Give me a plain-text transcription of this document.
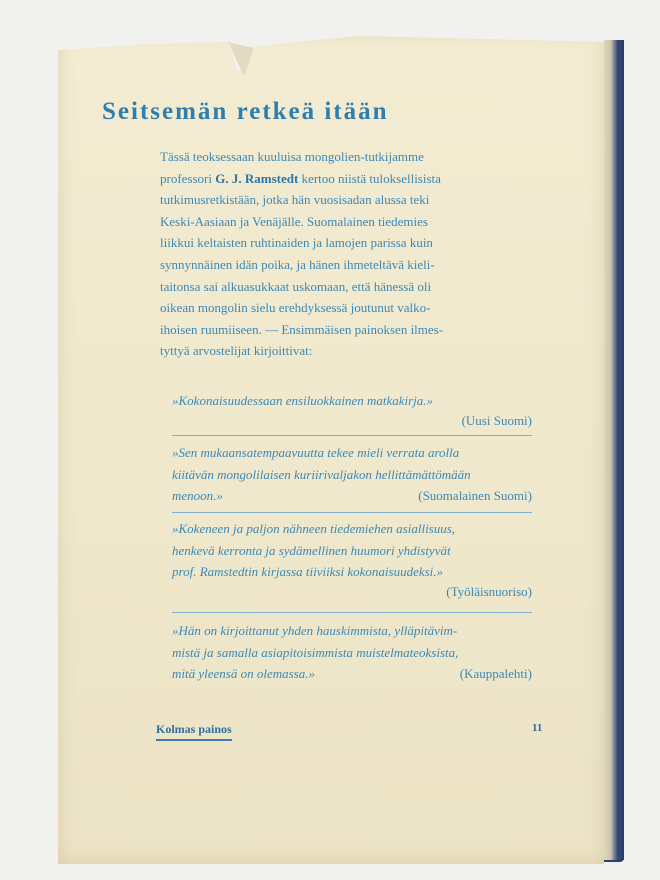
Seitsemän retkeä itään
Tässä teoksessaan kuuluisa mongolien-tutkijamme
professori G. J. Ramstedt kertoo niistä tuloksellisista
tutkimusretkistään, jotka hän vuosisadan alussa teki
Keski-Aasiaan ja Venäjälle. Suomalainen tiedemies
liikkui keltaisten ruhtinaiden ja lamojen parissa kuin
synnynnäinen idän poika, ja hänen ihmeteltävä kieli-
taitonsa sai alkuasukkaat uskomaan, että hänessä oli
oikean mongolin sielu erehdyksessä joutunut valko-
ihoisen ruumiiseen. — Ensimmäisen painoksen ilmes-
tyttyä arvostelijat kirjoittivat:
»Kokonaisuudessaan ensiluokkainen matkakirja.»
(Uusi Suomi)
»Sen mukaansatempaavuutta tekee mieli verrata arolla
kiitävän mongolilaisen kuriirivaljakon hellittämättömään
menoon.»	(Suomalainen Suomi)
»Kokeneen ja paljon nähneen tiedemiehen asiallisuus,
henkevä kerronta ja sydämellinen huumori yhdistyvät
prof. Ramstedtin kirjassa tiiviiksi kokonaisuudeksi.»
(Työläisnuoriso)
»Hän on kirjoittanut yhden hauskimmista, ylläpitävim-
mistä ja samalla asiapitoisimmista muistelmateoksista,
mitä yleensä on olemassa.»	(Kauppalehti)
Kolmas painos	11
